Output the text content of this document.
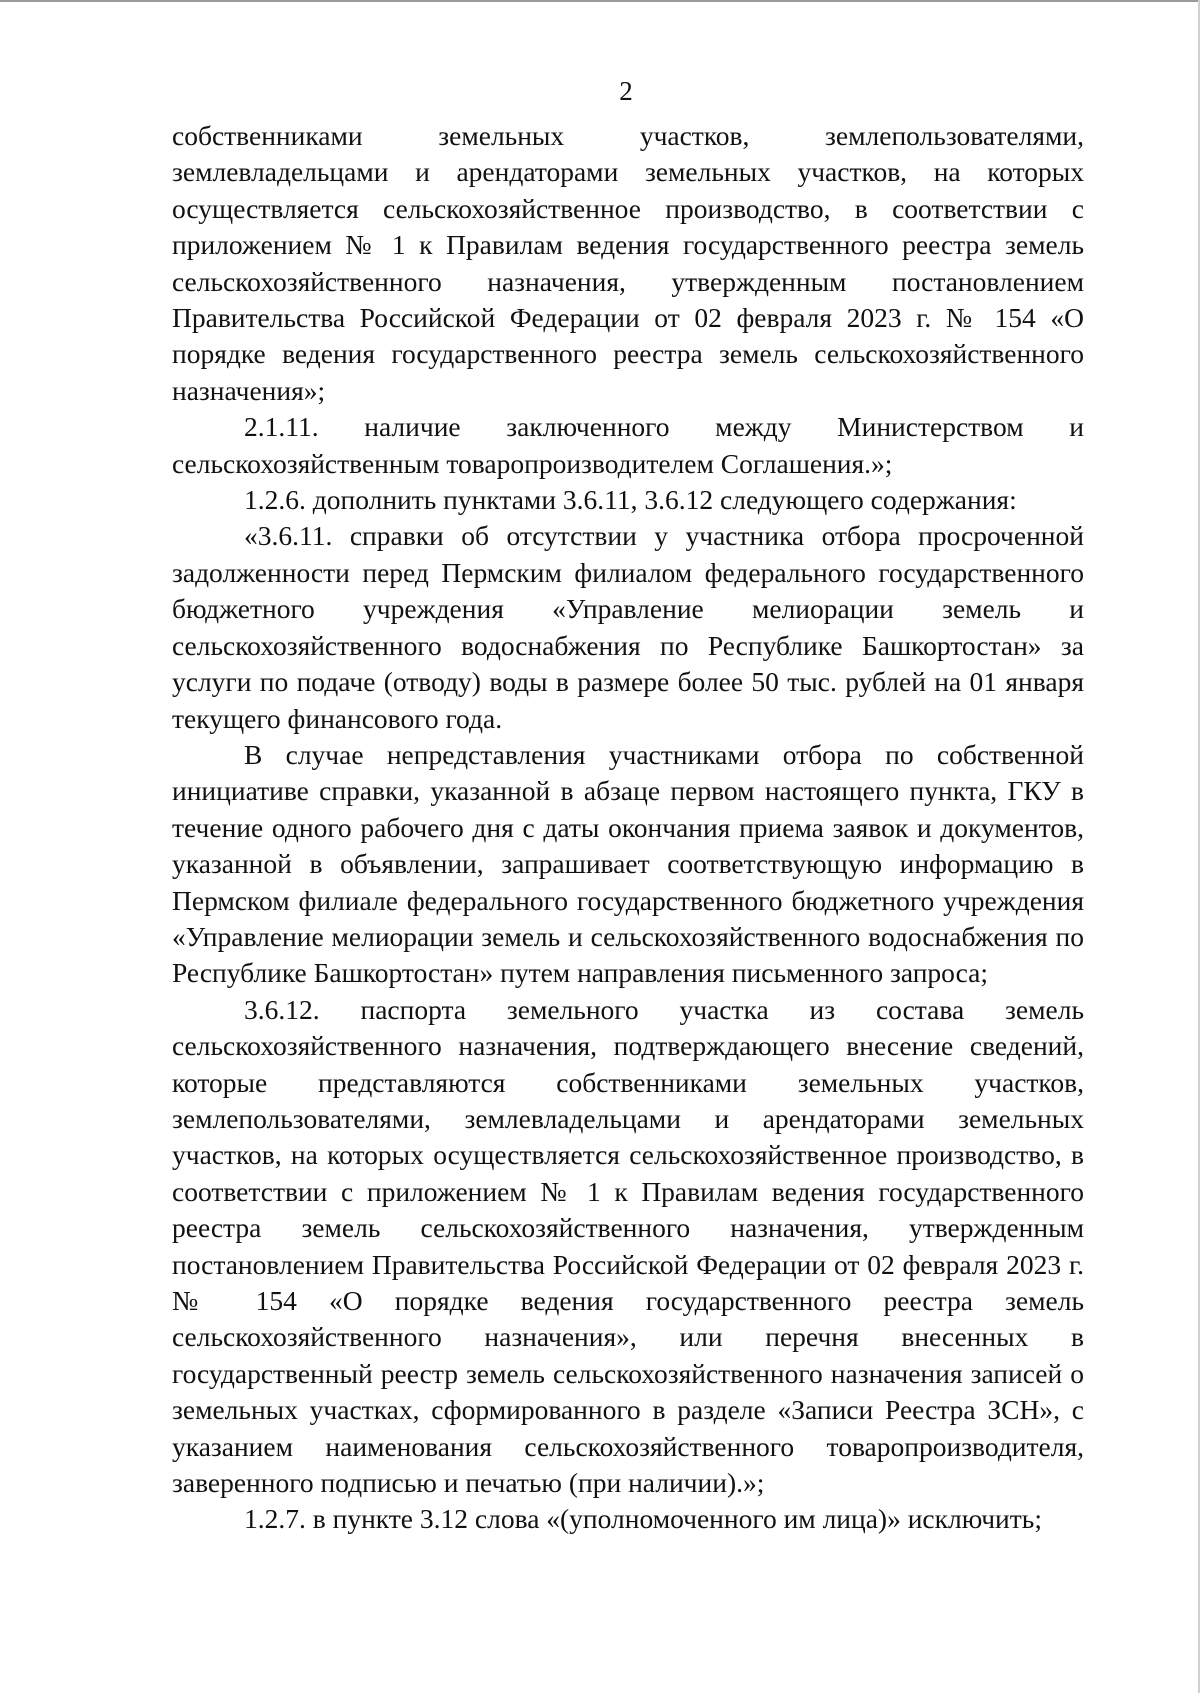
2

собственниками земельных участков, землепользователями, землевладельцами и арендаторами земельных участков, на которых осуществляется сельскохозяйственное производство, в соответствии с приложением № 1 к Правилам ведения государственного реестра земель сельскохозяйственного назначения, утвержденным постановлением Правительства Российской Федерации от 02 февраля 2023 г. № 154 «О порядке ведения государственного реестра земель сельскохозяйственного назначения»;

2.1.11. наличие заключенного между Министерством и сельскохозяйственным товаропроизводителем Соглашения.»;

1.2.6. дополнить пунктами 3.6.11, 3.6.12 следующего содержания:

«3.6.11. справки об отсутствии у участника отбора просроченной задолженности перед Пермским филиалом федерального государственного бюджетного учреждения «Управление мелиорации земель и сельскохозяйственного водоснабжения по Республике Башкортостан» за услуги по подаче (отводу) воды в размере более 50 тыс. рублей на 01 января текущего финансового года.

В случае непредставления участниками отбора по собственной инициативе справки, указанной в абзаце первом настоящего пункта, ГКУ в течение одного рабочего дня с даты окончания приема заявок и документов, указанной в объявлении, запрашивает соответствующую информацию в Пермском филиале федерального государственного бюджетного учреждения «Управление мелиорации земель и сельскохозяйственного водоснабжения по Республике Башкортостан» путем направления письменного запроса;

3.6.12. паспорта земельного участка из состава земель сельскохозяйственного назначения, подтверждающего внесение сведений, которые представляются собственниками земельных участков, землепользователями, землевладельцами и арендаторами земельных участков, на которых осуществляется сельскохозяйственное производство, в соответствии с приложением № 1 к Правилам ведения государственного реестра земель сельскохозяйственного назначения, утвержденным постановлением Правительства Российской Федерации от 02 февраля 2023 г. № 154 «О порядке ведения государственного реестра земель сельскохозяйственного назначения», или перечня внесенных в государственный реестр земель сельскохозяйственного назначения записей о земельных участках, сформированного в разделе «Записи Реестра ЗСН», с указанием наименования сельскохозяйственного товаропроизводителя, заверенного подписью и печатью (при наличии).»;

1.2.7. в пункте 3.12 слова «(уполномоченного им лица)» исключить;
